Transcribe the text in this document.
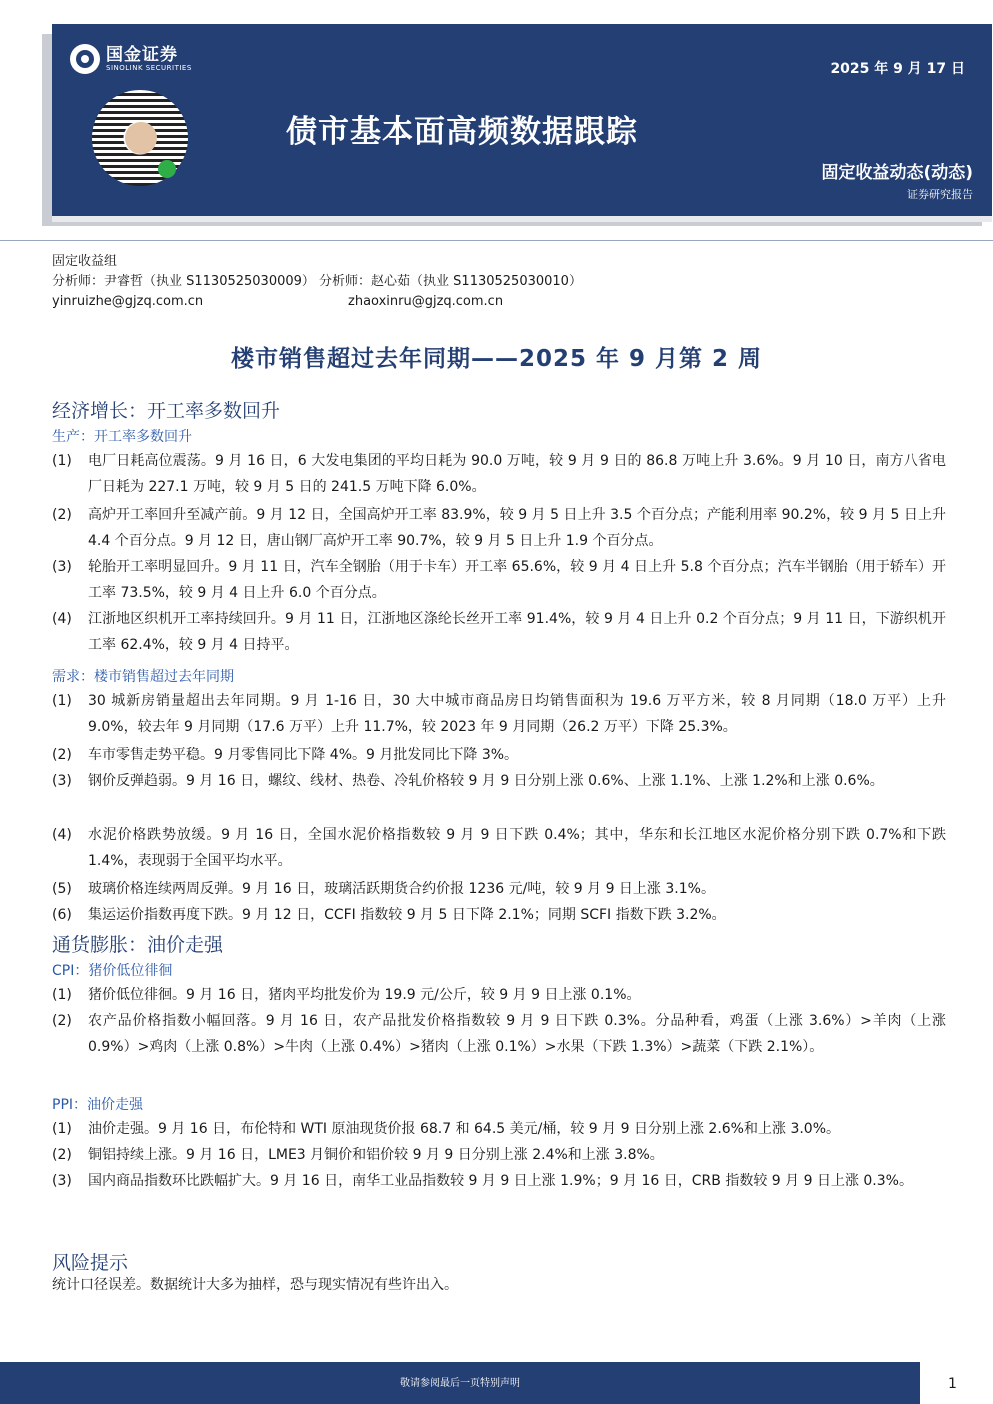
国金证券
SINOLINK SECURITIES	2025 年 9 月 17 日
债市基本面高频数据跟踪
固定收益动态(动态)
证券研究报告
固定收益组
分析师：尹睿哲（执业 S1130525030009） 分析师：赵心茹（执业 S1130525030010）
yinruizhe@gjzq.com.cn	zhaoxinru@gjzq.com.cn
楼市销售超过去年同期——2025 年 9 月第 2 周
经济增长：开工率多数回升
生产：开工率多数回升
(1)	电厂日耗高位震荡。9 月 16 日，6 大发电集团的平均日耗为 90.0 万吨，较 9 月 9 日的 86.8 万吨上升 3.6%。9 月 10 日，南方八省电厂日耗为 227.1 万吨，较 9 月 5 日的 241.5 万吨下降 6.0%。
(2)	高炉开工率回升至减产前。9 月 12 日，全国高炉开工率 83.9%，较 9 月 5 日上升 3.5 个百分点；产能利用率 90.2%，较 9 月 5 日上升 4.4 个百分点。9 月 12 日，唐山钢厂高炉开工率 90.7%，较 9 月 5 日上升 1.9 个百分点。
(3)	轮胎开工率明显回升。9 月 11 日，汽车全钢胎（用于卡车）开工率 65.6%，较 9 月 4 日上升 5.8 个百分点；汽车半钢胎（用于轿车）开工率 73.5%，较 9 月 4 日上升 6.0 个百分点。
(4)	江浙地区织机开工率持续回升。9 月 11 日，江浙地区涤纶长丝开工率 91.4%，较 9 月 4 日上升 0.2 个百分点；9 月 11 日，下游织机开工率 62.4%，较 9 月 4 日持平。
需求：楼市销售超过去年同期
(1)	30 城新房销量超出去年同期。9 月 1-16 日，30 大中城市商品房日均销售面积为 19.6 万平方米，较 8 月同期（18.0 万平）上升 9.0%，较去年 9 月同期（17.6 万平）上升 11.7%，较 2023 年 9 月同期（26.2 万平）下降 25.3%。
(2)	车市零售走势平稳。9 月零售同比下降 4%。9 月批发同比下降 3%。
(3)	钢价反弹趋弱。9 月 16 日，螺纹、线材、热卷、冷轧价格较 9 月 9 日分别上涨 0.6%、上涨 1.1%、上涨 1.2%和上涨 0.6%。
(4)	水泥价格跌势放缓。9 月 16 日，全国水泥价格指数较 9 月 9 日下跌 0.4%；其中，华东和长江地区水泥价格分别下跌 0.7%和下跌 1.4%，表现弱于全国平均水平。
(5)	玻璃价格连续两周反弹。9 月 16 日，玻璃活跃期货合约价报 1236 元/吨，较 9 月 9 日上涨 3.1%。
(6)	集运运价指数再度下跌。9 月 12 日，CCFI 指数较 9 月 5 日下降 2.1%；同期 SCFI 指数下跌 3.2%。
通货膨胀：油价走强
CPI：猪价低位徘徊
(1)	猪价低位徘徊。9 月 16 日，猪肉平均批发价为 19.9 元/公斤，较 9 月 9 日上涨 0.1%。
(2)	农产品价格指数小幅回落。9 月 16 日，农产品批发价格指数较 9 月 9 日下跌 0.3%。分品种看，鸡蛋（上涨 3.6%）>羊肉（上涨 0.9%）>鸡肉（上涨 0.8%）>牛肉（上涨 0.4%）>猪肉（上涨 0.1%）>水果（下跌 1.3%）>蔬菜（下跌 2.1%）。
PPI：油价走强
(1)	油价走强。9 月 16 日，布伦特和 WTI 原油现货价报 68.7 和 64.5 美元/桶，较 9 月 9 日分别上涨 2.6%和上涨 3.0%。
(2)	铜铝持续上涨。9 月 16 日，LME3 月铜价和铝价较 9 月 9 日分别上涨 2.4%和上涨 3.8%。
(3)	国内商品指数环比跌幅扩大。9 月 16 日，南华工业品指数较 9 月 9 日上涨 1.9%；9 月 16 日，CRB 指数较 9 月 9 日上涨 0.3%。
风险提示
统计口径误差。数据统计大多为抽样，恐与现实情况有些许出入。
敬请参阅最后一页特别声明	1
